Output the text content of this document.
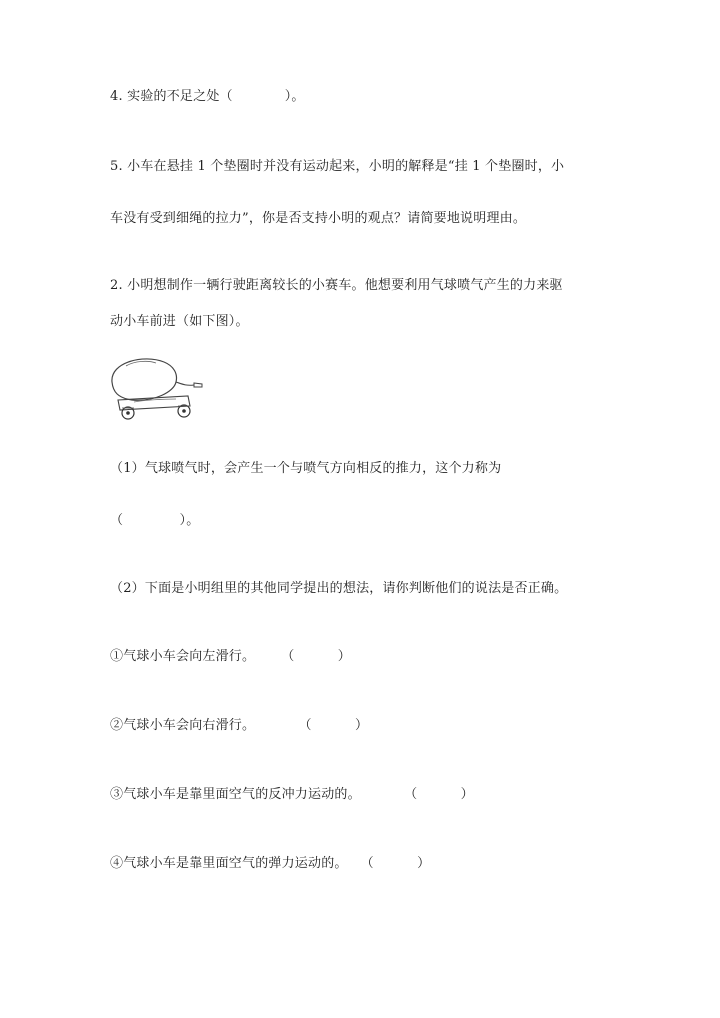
4. 实验的不足之处（            ）。
5. 小车在悬挂 1 个垫圈时并没有运动起来，小明的解释是“挂 1 个垫圈时，小
车没有受到细绳的拉力”，你是否支持小明的观点？请简要地说明理由。
2. 小明想制作一辆行驶距离较长的小赛车。他想要利用气球喷气产生的力来驱
动小车前进（如下图）。
（1）气球喷气时，会产生一个与喷气方向相反的推力，这个力称为
（             ）。
（2）下面是小明组里的其他同学提出的想法，请你判断他们的说法是否正确。
①气球小车会向左滑行。      （          ）
②气球小车会向右滑行。          （          ）
③气球小车是靠里面空气的反冲力运动的。          （          ）
④气球小车是靠里面空气的弹力运动的。   （          ）
